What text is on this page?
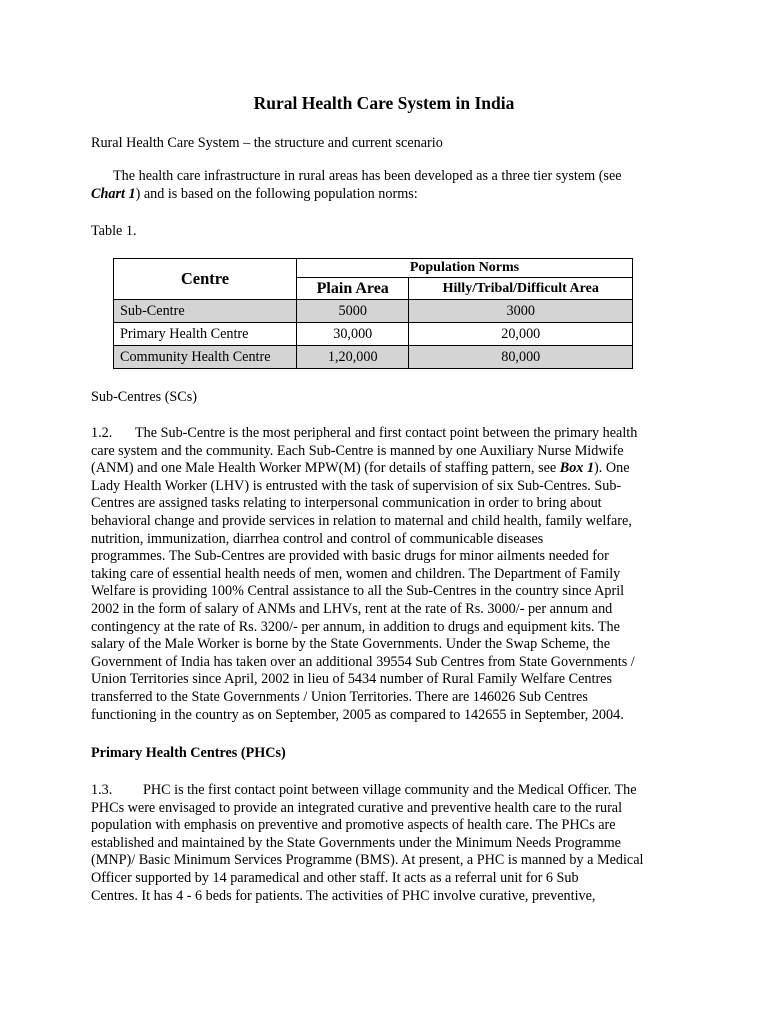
Rural Health Care System in India
Rural Health Care System – the structure and current scenario
The health care infrastructure in rural areas has been developed as a three tier system (see
Chart 1) and is based on the following population norms:
Table 1.
Centre	Population Norms	
	Plain Area	Hilly/Tribal/Difficult Area
Sub-Centre	5000	3000
Primary Health Centre	30,000	20,000
Community Health Centre	1,20,000	80,000
Sub-Centres (SCs)
1.2. The Sub-Centre is the most peripheral and first contact point between the primary health
care system and the community. Each Sub-Centre is manned by one Auxiliary Nurse Midwife
(ANM) and one Male Health Worker MPW(M) (for details of staffing pattern, see Box 1). One
Lady Health Worker (LHV) is entrusted with the task of supervision of six Sub-Centres. Sub-
Centres are assigned tasks relating to interpersonal communication in order to bring about
behavioral change and provide services in relation to maternal and child health, family welfare,
nutrition, immunization, diarrhea control and control of communicable diseases
programmes. The Sub-Centres are provided with basic drugs for minor ailments needed for
taking care of essential health needs of men, women and children. The Department of Family
Welfare is providing 100% Central assistance to all the Sub-Centres in the country since April
2002 in the form of salary of ANMs and LHVs, rent at the rate of Rs. 3000/- per annum and
contingency at the rate of Rs. 3200/- per annum, in addition to drugs and equipment kits. The
salary of the Male Worker is borne by the State Governments. Under the Swap Scheme, the
Government of India has taken over an additional 39554 Sub Centres from State Governments /
Union Territories since April, 2002 in lieu of 5434 number of Rural Family Welfare Centres
transferred to the State Governments / Union Territories. There are 146026 Sub Centres
functioning in the country as on September, 2005 as compared to 142655 in September, 2004.
Primary Health Centres (PHCs)
1.3. PHC is the first contact point between village community and the Medical Officer. The
PHCs were envisaged to provide an integrated curative and preventive health care to the rural
population with emphasis on preventive and promotive aspects of health care. The PHCs are
established and maintained by the State Governments under the Minimum Needs Programme
(MNP)/ Basic Minimum Services Programme (BMS). At present, a PHC is manned by a Medical
Officer supported by 14 paramedical and other staff. It acts as a referral unit for 6 Sub
Centres. It has 4 - 6 beds for patients. The activities of PHC involve curative, preventive,
